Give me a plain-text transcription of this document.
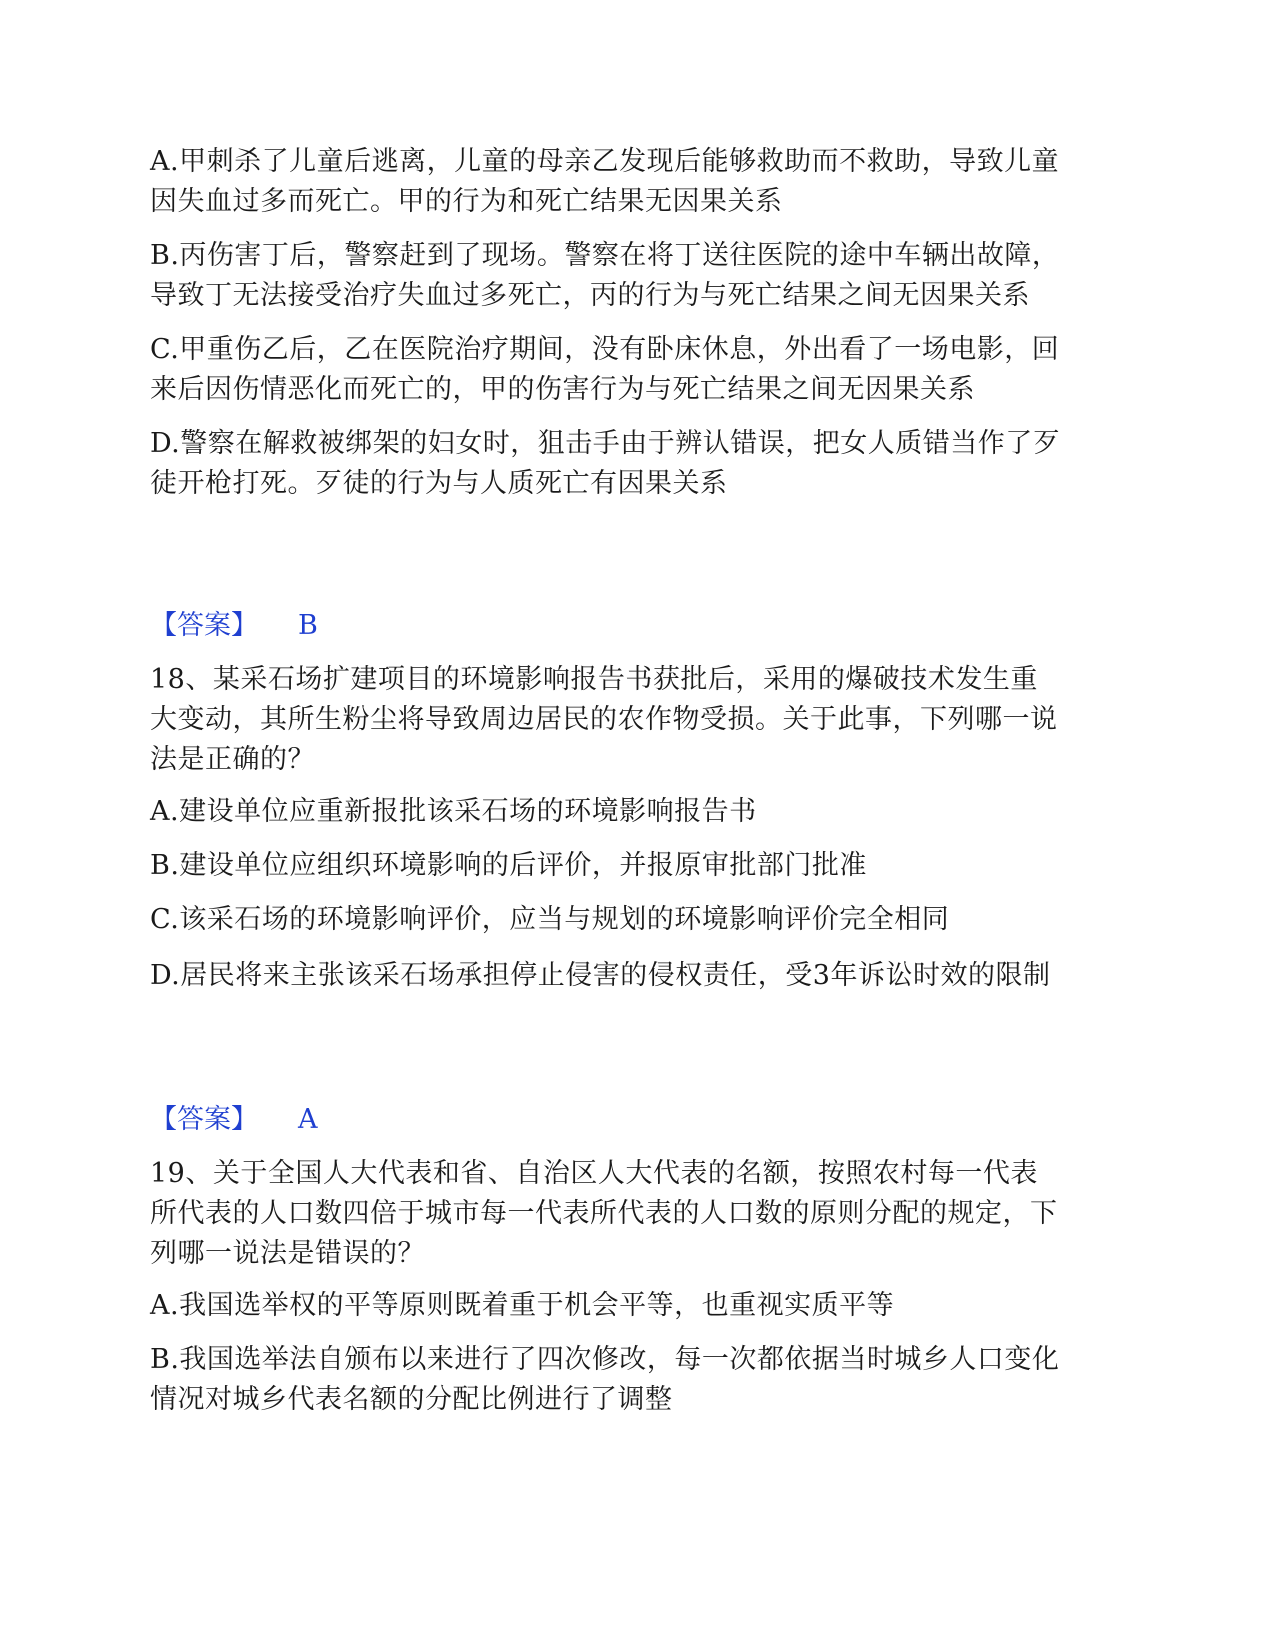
A.甲刺杀了儿童后逃离，儿童的母亲乙发现后能够救助而不救助，导致儿童因失血过多而死亡。甲的行为和死亡结果无因果关系

B.丙伤害丁后，警察赶到了现场。警察在将丁送往医院的途中车辆出故障，导致丁无法接受治疗失血过多死亡，丙的行为与死亡结果之间无因果关系

C.甲重伤乙后，乙在医院治疗期间，没有卧床休息，外出看了一场电影，回来后因伤情恶化而死亡的，甲的伤害行为与死亡结果之间无因果关系

D.警察在解救被绑架的妇女时，狙击手由于辨认错误，把女人质错当作了歹徒开枪打死。歹徒的行为与人质死亡有因果关系

【答案】 B

18、某采石场扩建项目的环境影响报告书获批后，采用的爆破技术发生重大变动，其所生粉尘将导致周边居民的农作物受损。关于此事，下列哪一说法是正确的？

A.建设单位应重新报批该采石场的环境影响报告书

B.建设单位应组织环境影响的后评价，并报原审批部门批准

C.该采石场的环境影响评价，应当与规划的环境影响评价完全相同

D.居民将来主张该采石场承担停止侵害的侵权责任，受3年诉讼时效的限制

【答案】 A

19、关于全国人大代表和省、自治区人大代表的名额，按照农村每一代表所代表的人口数四倍于城市每一代表所代表的人口数的原则分配的规定，下列哪一说法是错误的？

A.我国选举权的平等原则既着重于机会平等，也重视实质平等

B.我国选举法自颁布以来进行了四次修改，每一次都依据当时城乡人口变化情况对城乡代表名额的分配比例进行了调整
